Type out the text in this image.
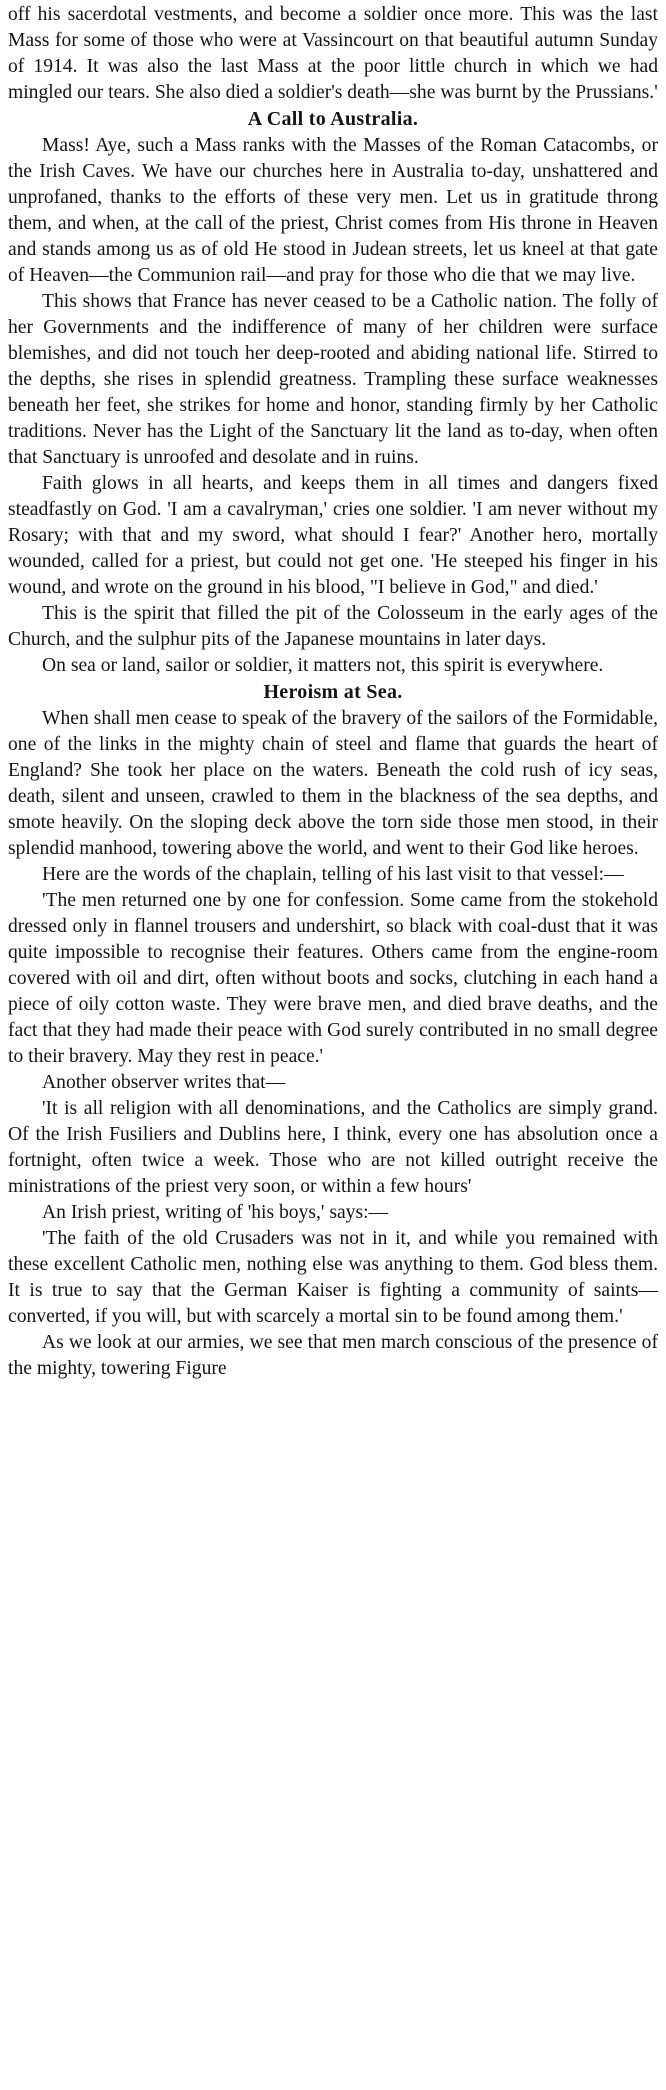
off his sacerdotal vestments, and become a soldier once more. This was the last Mass for some of those who were at Vassincourt on that beautiful autumn Sunday of 1914. It was also the last Mass at the poor little church in which we had mingled our tears. She also died a soldier's death—she was burnt by the Prussians.'

A Call to Australia.

Mass! Aye, such a Mass ranks with the Masses of the Roman Catacombs, or the Irish Caves. We have our churches here in Australia to-day, unshattered and unprofaned, thanks to the efforts of these very men. Let us in gratitude throng them, and when, at the call of the priest, Christ comes from His throne in Heaven and stands among us as of old He stood in Judean streets, let us kneel at that gate of Heaven—the Communion rail—and pray for those who die that we may live.

This shows that France has never ceased to be a Catholic nation. The folly of her Governments and the indifference of many of her children were surface blemishes, and did not touch her deep-rooted and abiding national life. Stirred to the depths, she rises in splendid greatness. Trampling these surface weaknesses beneath her feet, she strikes for home and honor, standing firmly by her Catholic traditions. Never has the Light of the Sanctuary lit the land as to-day, when often that Sanctuary is unroofed and desolate and in ruins.

Faith glows in all hearts, and keeps them in all times and dangers fixed steadfastly on God. 'I am a cavalryman,' cries one soldier. 'I am never without my Rosary; with that and my sword, what should I fear?' Another hero, mortally wounded, called for a priest, but could not get one. 'He steeped his finger in his wound, and wrote on the ground in his blood, "I believe in God," and died.'

This is the spirit that filled the pit of the Colosseum in the early ages of the Church, and the sulphur pits of the Japanese mountains in later days.

On sea or land, sailor or soldier, it matters not, this spirit is everywhere.

Heroism at Sea.

When shall men cease to speak of the bravery of the sailors of the Formidable, one of the links in the mighty chain of steel and flame that guards the heart of England? She took her place on the waters. Beneath the cold rush of icy seas, death, silent and unseen, crawled to them in the blackness of the sea depths, and smote heavily. On the sloping deck above the torn side those men stood, in their splendid manhood, towering above the world, and went to their God like heroes.

Here are the words of the chaplain, telling of his last visit to that vessel:—

'The men returned one by one for confession. Some came from the stokehold dressed only in flannel trousers and undershirt, so black with coal-dust that it was quite impossible to recognise their features. Others came from the engine-room covered with oil and dirt, often without boots and socks, clutching in each hand a piece of oily cotton waste. They were brave men, and died brave deaths, and the fact that they had made their peace with God surely contributed in no small degree to their bravery. May they rest in peace.'

Another observer writes that—

'It is all religion with all denominations, and the Catholics are simply grand. Of the Irish Fusiliers and Dublins here, I think, every one has absolution once a fortnight, often twice a week. Those who are not killed outright receive the ministrations of the priest very soon, or within a few hours'

An Irish priest, writing of 'his boys,' says:—

'The faith of the old Crusaders was not in it, and while you remained with these excellent Catholic men, nothing else was anything to them. God bless them. It is true to say that the German Kaiser is fighting a community of saints—converted, if you will, but with scarcely a mortal sin to be found among them.'

As we look at our armies, we see that men march conscious of the presence of the mighty, towering Figure
